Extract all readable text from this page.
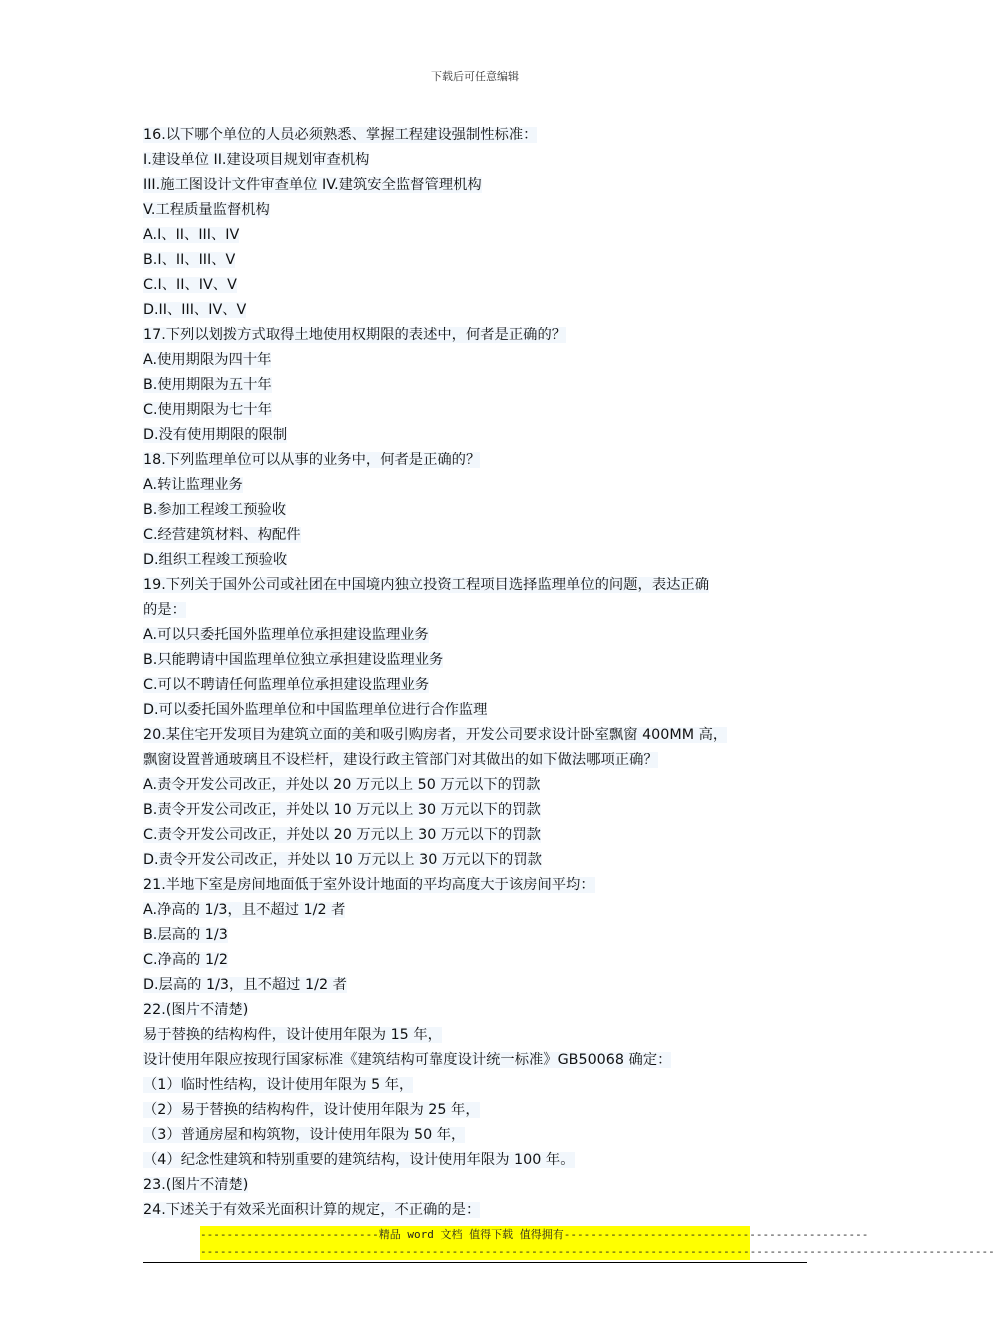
下载后可任意编辑
16.以下哪个单位的人员必须熟悉、掌握工程建设强制性标准：
I.建设单位 II.建设项目规划审查机构
III.施工图设计文件审查单位 IV.建筑安全监督管理机构
V.工程质量监督机构
A.I、II、III、IV
B.I、II、III、V
C.I、II、IV、V
D.II、III、IV、V
17.下列以划拨方式取得土地使用权期限的表述中，何者是正确的？
A.使用期限为四十年
B.使用期限为五十年
C.使用期限为七十年
D.没有使用期限的限制
18.下列监理单位可以从事的业务中，何者是正确的？
A.转让监理业务
B.参加工程竣工预验收
C.经营建筑材料、构配件
D.组织工程竣工预验收
19.下列关于国外公司或社团在中国境内独立投资工程项目选择监理单位的问题，表达正确
的是：
A.可以只委托国外监理单位承担建设监理业务
B.只能聘请中国监理单位独立承担建设监理业务
C.可以不聘请任何监理单位承担建设监理业务
D.可以委托国外监理单位和中国监理单位进行合作监理
20.某住宅开发项目为建筑立面的美和吸引购房者，开发公司要求设计卧室飘窗 400MM 高，
飘窗设置普通玻璃且不设栏杆，建设行政主管部门对其做出的如下做法哪项正确？
A.责令开发公司改正，并处以 20 万元以上 50 万元以下的罚款
B.责令开发公司改正，并处以 10 万元以上 30 万元以下的罚款
C.责令开发公司改正，并处以 20 万元以上 30 万元以下的罚款
D.责令开发公司改正，并处以 10 万元以上 30 万元以下的罚款
21.半地下室是房间地面低于室外设计地面的平均高度大于该房间平均：
A.净高的 1/3，且不超过 1/2 者
B.层高的 1/3
C.净高的 1/2
D.层高的 1/3，且不超过 1/2 者
22.(图片不清楚)
易于替换的结构构件，设计使用年限为 15 年，
设计使用年限应按现行国家标准《建筑结构可靠度设计统一标准》GB50068 确定：
（1）临时性结构，设计使用年限为 5 年，
（2）易于替换的结构构件，设计使用年限为 25 年，
（3）普通房屋和构筑物，设计使用年限为 50 年，
（4）纪念性建筑和特别重要的建筑结构，设计使用年限为 100 年。
23.(图片不清楚)
24.下述关于有效采光面积计算的规定，不正确的是：
---------------------------精品 word 文档 值得下载 值得拥有----------------------------------------------
------------------------------------------------------------------------------------------------------------------------
